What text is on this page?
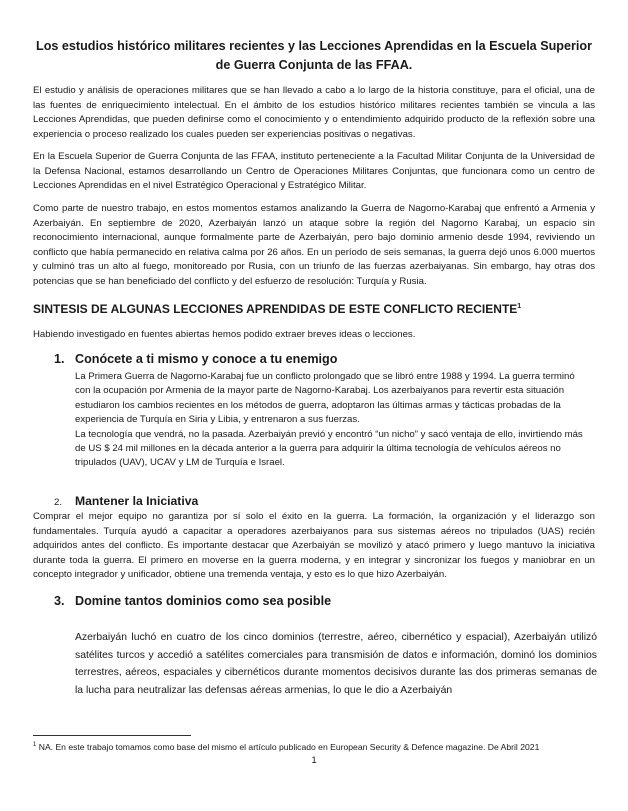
Los estudios histórico militares recientes y las Lecciones Aprendidas en la Escuela Superior de Guerra Conjunta de las FFAA.

El estudio y análisis de operaciones militares que se han llevado a cabo a lo largo de la historia constituye, para el oficial, una de las fuentes de enriquecimiento intelectual. En el ámbito de los estudios histórico militares recientes también se vincula a las Lecciones Aprendidas, que pueden definirse como el conocimiento y o entendimiento adquirido producto de la reflexión sobre una experiencia o proceso realizado los cuales pueden ser experiencias positivas o negativas.

En la Escuela Superior de Guerra Conjunta de las FFAA, instituto perteneciente a la Facultad Militar Conjunta de la Universidad de la Defensa Nacional, estamos desarrollando un Centro de Operaciones Militares Conjuntas, que funcionara como un centro de Lecciones Aprendidas en el nivel Estratégico Operacional y Estratégico Militar.

Como parte de nuestro trabajo, en estos momentos estamos analizando la Guerra de Nagorno-Karabaj que enfrentó a Armenia y Azerbaiyán. En septiembre de 2020, Azerbaiyán lanzó un ataque sobre la región del Nagorno Karabaj, un espacio sin reconocimiento internacional, aunque formalmente parte de Azerbaiyán, pero bajo dominio armenio desde 1994, reviviendo un conflicto que había permanecido en relativa calma por 26 años. En un período de seis semanas, la guerra dejó unos 6.000 muertos y culminó tras un alto al fuego, monitoreado por Rusia, con un triunfo de las fuerzas azerbaiyanas. Sin embargo, hay otras dos potencias que se han beneficiado del conflicto y del esfuerzo de resolución: Turquía y Rusia.

SINTESIS DE ALGUNAS LECCIONES APRENDIDAS DE ESTE CONFLICTO RECIENTE$^1$

Habiendo investigado en fuentes abiertas hemos podido extraer breves ideas o lecciones.

1. Conócete a ti mismo y conoce a tu enemigo

La Primera Guerra de Nagorno-Karabaj fue un conflicto prolongado que se libró entre 1988 y 1994. La guerra terminó con la ocupación por Armenia de la mayor parte de Nagorno-Karabaj. Los azerbaiyanos para revertir esta situación estudiaron los cambios recientes en los métodos de guerra, adoptaron las últimas armas y tácticas probadas de la experiencia de Turquía en Siria y Libia, y entrenaron a sus fuerzas.

La tecnología que vendrá, no la pasada. Azerbaiyán previó y encontró “un nicho” y sacó ventaja de ello, invirtiendo más de US $ 24 mil millones en la década anterior a la guerra para adquirir la última tecnología de vehículos aéreos no tripulados (UAV), UCAV y LM de Turquía e Israel.

2. Mantener la Iniciativa

Comprar el mejor equipo no garantiza por sí solo el éxito en la guerra. La formación, la organización y el liderazgo son fundamentales. Turquía ayudó a capacitar a operadores azerbaiyanos para sus sistemas aéreos no tripulados (UAS) recién adquiridos antes del conflicto. Es importante destacar que Azerbaiyán se movilizó y atacó primero y luego mantuvo la iniciativa durante toda la guerra. El primero en moverse en la guerra moderna, y en integrar y sincronizar los fuegos y maniobrar en un concepto integrador y unificador, obtiene una tremenda ventaja, y esto es lo que hizo Azerbaiyán.

3. Domine tantos dominios como sea posible

Azerbaiyán luchó en cuatro de los cinco dominios (terrestre, aéreo, cibernético y espacial), Azerbaiyán utilizó satélites turcos y accedió a satélites comerciales para transmisión de datos e información, dominó los dominios terrestres, aéreos, espaciales y cibernéticos durante momentos decisivos durante las dos primeras semanas de la lucha para neutralizar las defensas aéreas armenias, lo que le dio a Azerbaiyán

$^1$ NA. En este trabajo tomamos como base del mismo el artículo publicado en European Security & Defence magazine. De Abril 2021

1
